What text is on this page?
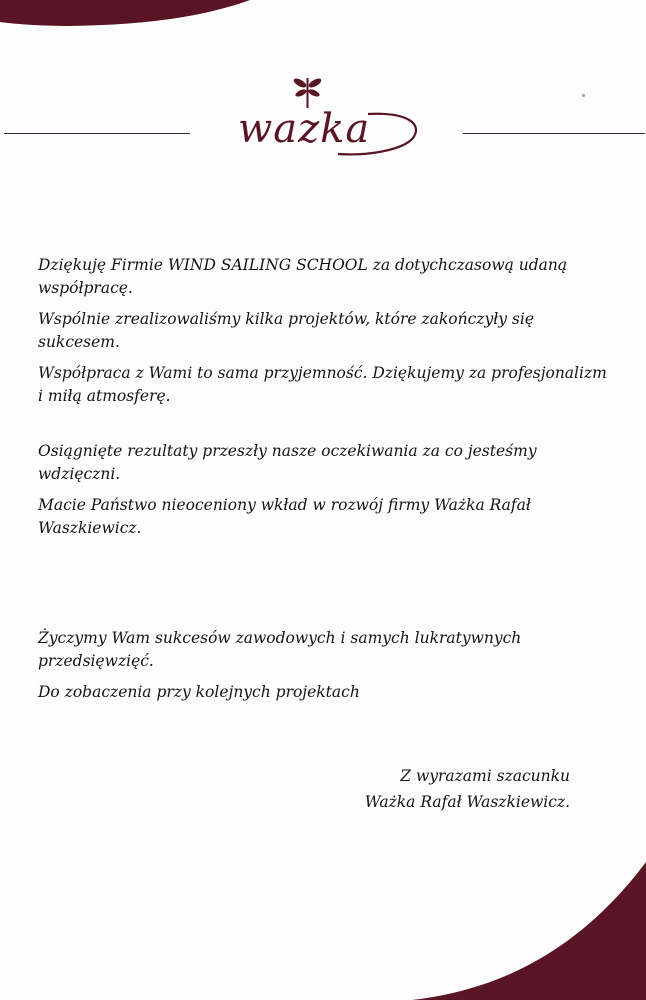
wazka

Dziękuję Firmie WIND SAILING SCHOOL za dotychczasową udaną współpracę.

Wspólnie zrealizowaliśmy kilka projektów, które zakończyły się sukcesem.

Współpraca z Wami to sama przyjemność. Dziękujemy za profesjonalizm i miłą atmosferę.

Osiągnięte rezultaty przeszły nasze oczekiwania za co jesteśmy wdzięczni.

Macie Państwo nieoceniony wkład w rozwój firmy Ważka Rafał Waszkiewicz.

Życzymy Wam sukcesów zawodowych i samych lukratywnych przedsięwzięć.

Do zobaczenia przy kolejnych projektach

Z wyrazami szacunku
Ważka Rafał Waszkiewicz.
